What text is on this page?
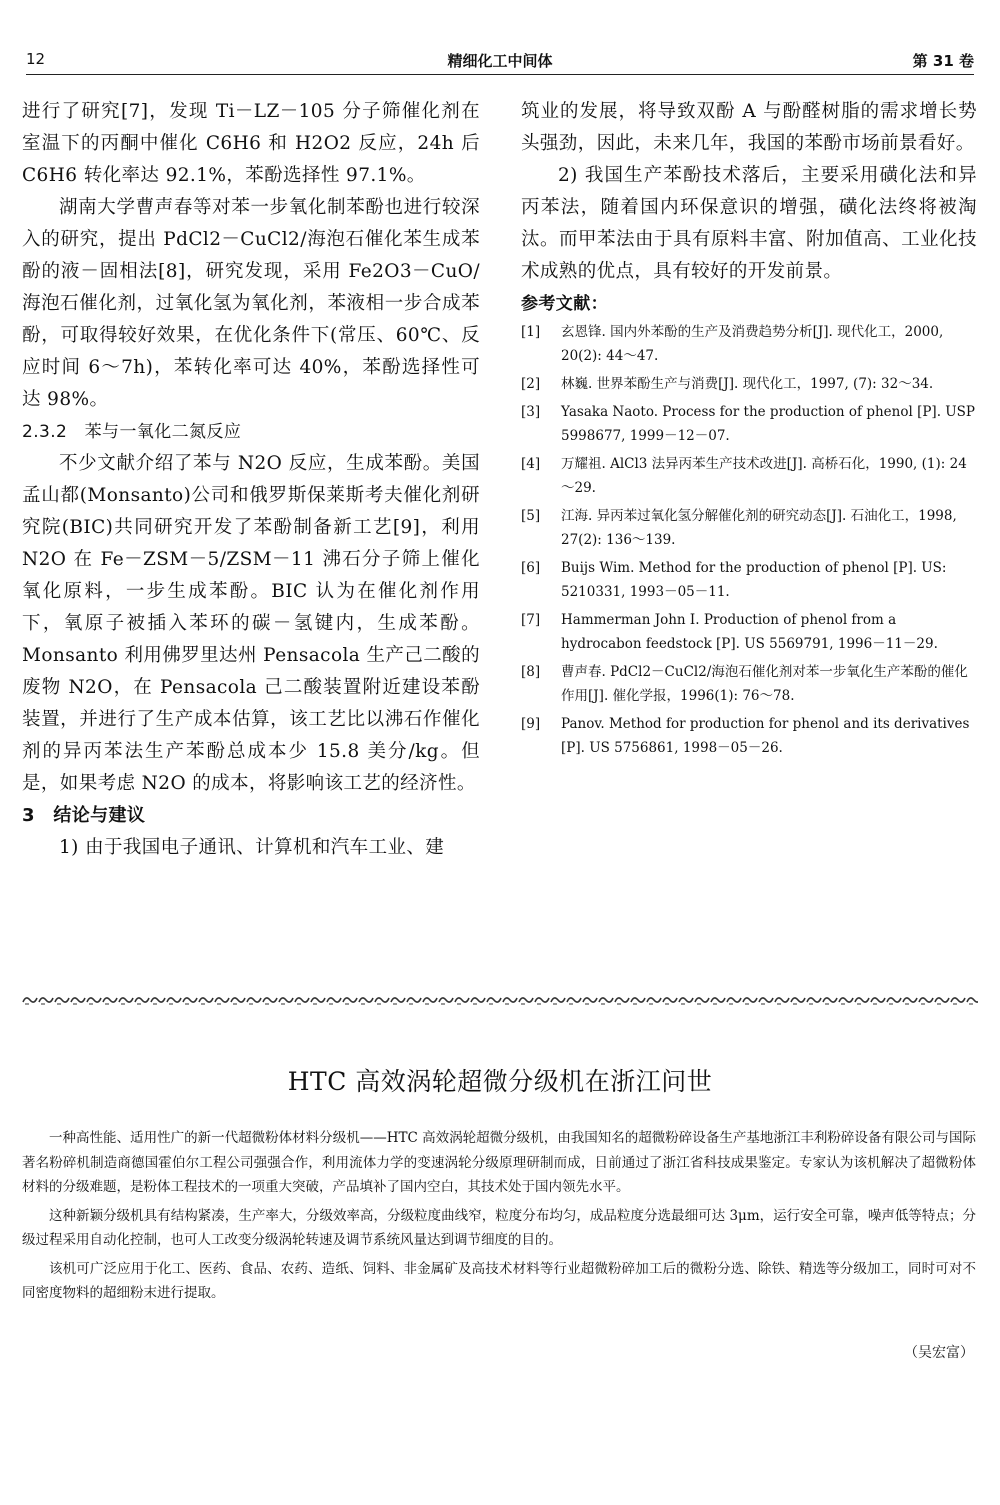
12	精细化工中间体	第 31 卷

进行了研究[7]，发现 Ti－LZ－105 分子筛催化剂在室温下的丙酮中催化 C6H6 和 H2O2 反应，24h 后 C6H6 转化率达 92.1%，苯酚选择性 97.1%。

湖南大学曹声春等对苯一步氧化制苯酚也进行较深入的研究，提出 PdCl2－CuCl2/海泡石催化苯生成苯酚的液－固相法[8]，研究发现，采用 Fe2O3－CuO/海泡石催化剂，过氧化氢为氧化剂，苯液相一步合成苯酚，可取得较好效果，在优化条件下(常压、60℃、反应时间 6～7h)，苯转化率可达 40%，苯酚选择性可达 98%。

2.3.2　苯与一氧化二氮反应

不少文献介绍了苯与 N2O 反应，生成苯酚。美国孟山都(Monsanto)公司和俄罗斯保莱斯考夫催化剂研究院(BIC)共同研究开发了苯酚制备新工艺[9]，利用 N2O 在 Fe－ZSM－5/ZSM－11 沸石分子筛上催化氧化原料，一步生成苯酚。BIC 认为在催化剂作用下，氧原子被插入苯环的碳－氢键内，生成苯酚。Monsanto 利用佛罗里达州 Pensacola 生产己二酸的废物 N2O，在 Pensacola 己二酸装置附近建设苯酚装置，并进行了生产成本估算，该工艺比以沸石作催化剂的异丙苯法生产苯酚总成本少 15.8 美分/kg。但是，如果考虑 N2O 的成本，将影响该工艺的经济性。

3　结论与建议

1) 由于我国电子通讯、计算机和汽车工业、建

筑业的发展，将导致双酚 A 与酚醛树脂的需求增长势头强劲，因此，未来几年，我国的苯酚市场前景看好。

2) 我国生产苯酚技术落后，主要采用磺化法和异丙苯法，随着国内环保意识的增强，磺化法终将被淘汰。而甲苯法由于具有原料丰富、附加值高、工业化技术成熟的优点，具有较好的开发前景。

参考文献：

[1]	玄恩锋. 国内外苯酚的生产及消费趋势分析[J]. 现代化工，2000, 20(2): 44～47.
[2]	林巍. 世界苯酚生产与消费[J]. 现代化工，1997, (7): 32～34.
[3]	Yasaka Naoto. Process for the production of phenol [P]. USP 5998677, 1999－12－07.
[4]	万耀祖. AlCl3 法异丙苯生产技术改进[J]. 高桥石化，1990, (1): 24～29.
[5]	江海. 异丙苯过氧化氢分解催化剂的研究动态[J]. 石油化工，1998, 27(2): 136～139.
[6]	Buijs Wim. Method for the production of phenol [P]. US: 5210331, 1993－05－11.
[7]	Hammerman John I. Production of phenol from a hydrocabon feedstock [P]. US 5569791, 1996－11－29.
[8]	曹声春. PdCl2－CuCl2/海泡石催化剂对苯一步氧化生产苯酚的催化作用[J]. 催化学报，1996(1): 76～78.
[9]	Panov. Method for production for phenol and its derivatives [P]. US 5756861, 1998－05－26.
HTC 高效涡轮超微分级机在浙江问世

一种高性能、适用性广的新一代超微粉体材料分级机——HTC 高效涡轮超微分级机，由我国知名的超微粉碎设备生产基地浙江丰利粉碎设备有限公司与国际著名粉碎机制造商德国霍伯尔工程公司强强合作，利用流体力学的变速涡轮分级原理研制而成，日前通过了浙江省科技成果鉴定。专家认为该机解决了超微粉体材料的分级难题，是粉体工程技术的一项重大突破，产品填补了国内空白，其技术处于国内领先水平。

这种新颖分级机具有结构紧凑，生产率大，分级效率高，分级粒度曲线窄，粒度分布均匀，成品粒度分选最细可达 3μm，运行安全可靠，噪声低等特点；分级过程采用自动化控制，也可人工改变分级涡轮转速及调节系统风量达到调节细度的目的。

该机可广泛应用于化工、医药、食品、农药、造纸、饲料、非金属矿及高技术材料等行业超微粉碎加工后的微粉分选、除铁、精选等分级加工，同时可对不同密度物料的超细粉末进行提取。

（吴宏富）
